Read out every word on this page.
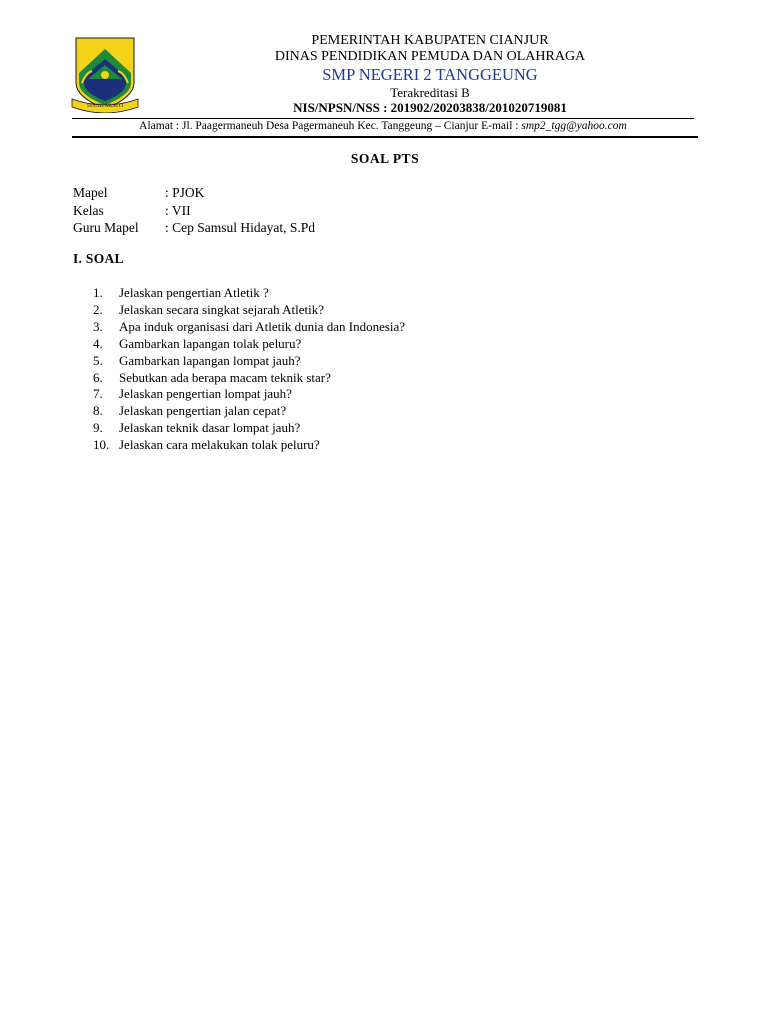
SUGIH MUKTI
PEMERINTAH KABUPATEN CIANJUR
DINAS PENDIDIKAN PEMUDA DAN OLAHRAGA
SMP NEGERI 2 TANGGEUNG
Terakreditasi B
NIS/NPSN/NSS : 201902/20203838/201020719081
Alamat : Jl. Paagermaneuh Desa Pagermaneuh Kec. Tanggeung – Cianjur E-mail : smp2_tgg@yahoo.com
SOAL PTS
Mapel	: PJOK
Kelas	: VII
Guru Mapel	: Cep Samsul Hidayat, S.Pd
I. SOAL
1.	Jelaskan pengertian Atletik ?
2.	Jelaskan secara singkat sejarah Atletik?
3.	Apa induk organisasi dari Atletik dunia dan Indonesia?
4.	Gambarkan lapangan tolak peluru?
5.	Gambarkan lapangan lompat jauh?
6.	Sebutkan ada berapa macam teknik star?
7.	Jelaskan pengertian lompat jauh?
8.	Jelaskan pengertian jalan cepat?
9.	Jelaskan teknik dasar lompat jauh?
10. Jelaskan cara melakukan tolak peluru?
